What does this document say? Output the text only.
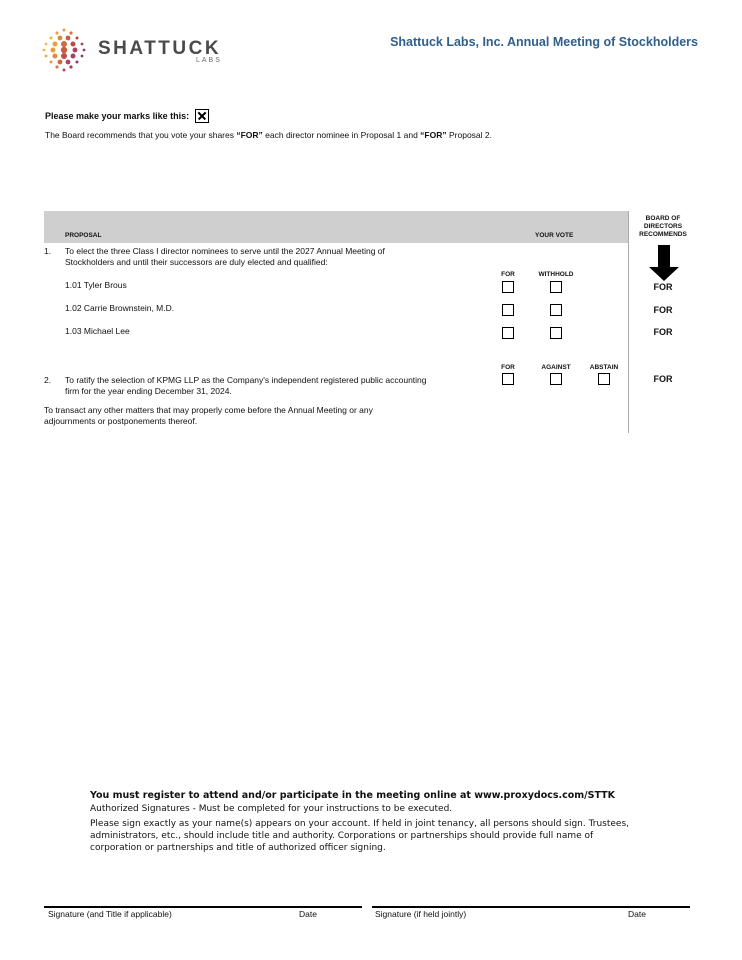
SHATTUCK
LABS
Shattuck Labs, Inc. Annual Meeting of Stockholders
Please make your marks like this:
The Board recommends that you vote your shares “FOR” each director nominee in Proposal 1 and “FOR” Proposal 2.
PROPOSAL	YOUR VOTE
BOARD OF
DIRECTORS
RECOMMENDS
1. To elect the three Class I director nominees to serve until the 2027 Annual Meeting of
Stockholders and until their successors are duly elected and qualified:
FOR	WITHHOLD
1.01 Tyler Brous	FOR
1.02 Carrie Brownstein, M.D.	FOR
1.03 Michael Lee	FOR
FOR	AGAINST	ABSTAIN
2. To ratify the selection of KPMG LLP as the Company's independent registered public accounting
firm for the year ending December 31, 2024.
FOR
To transact any other matters that may properly come before the Annual Meeting or any
adjournments or postponements thereof.
You must register to attend and/or participate in the meeting online at www.proxydocs.com/STTK
Authorized Signatures - Must be completed for your instructions to be executed.
Please sign exactly as your name(s) appears on your account. If held in joint tenancy, all persons should sign. Trustees,
administrators, etc., should include title and authority. Corporations or partnerships should provide full name of
corporation or partnerships and title of authorized officer signing.
Signature (and Title if applicable)	Date	Signature (if held jointly)	Date
